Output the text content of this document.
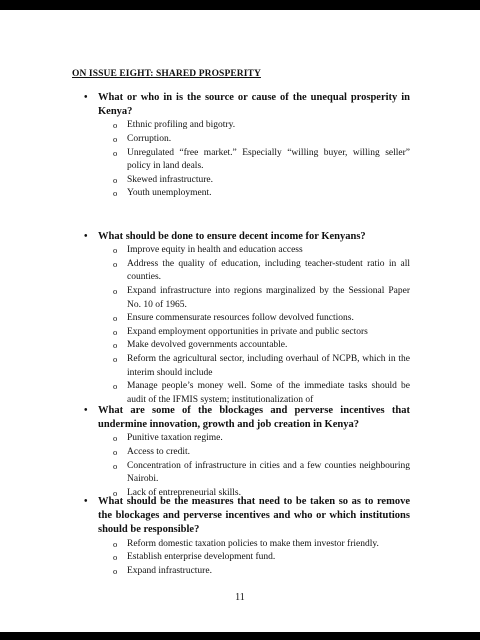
ON ISSUE EIGHT: SHARED PROSPERITY
• What or who in is the source or cause of the unequal prosperity in Kenya?
o Ethnic profiling and bigotry.
o Corruption.
o Unregulated “free market.” Especially “willing buyer, willing seller” policy in land deals.
o Skewed infrastructure.
o Youth unemployment.
• What should be done to ensure decent income for Kenyans?
o Improve equity in health and education access
o Address the quality of education, including teacher-student ratio in all counties.
o Expand infrastructure into regions marginalized by the Sessional Paper No. 10 of 1965.
o Ensure commensurate resources follow devolved functions.
o Expand employment opportunities in private and public sectors
o Make devolved governments accountable.
o Reform the agricultural sector, including overhaul of NCPB, which in the interim should include
o Manage people’s money well. Some of the immediate tasks should be audit of the IFMIS system; institutionalization of
• What are some of the blockages and perverse incentives that undermine innovation, growth and job creation in Kenya?
o Punitive taxation regime.
o Access to credit.
o Concentration of infrastructure in cities and a few counties neighbouring Nairobi.
o Lack of entrepreneurial skills.
• What should be the measures that need to be taken so as to remove the blockages and perverse incentives and who or which institutions should be responsible?
o Reform domestic taxation policies to make them investor friendly.
o Establish enterprise development fund.
o Expand infrastructure.
11
